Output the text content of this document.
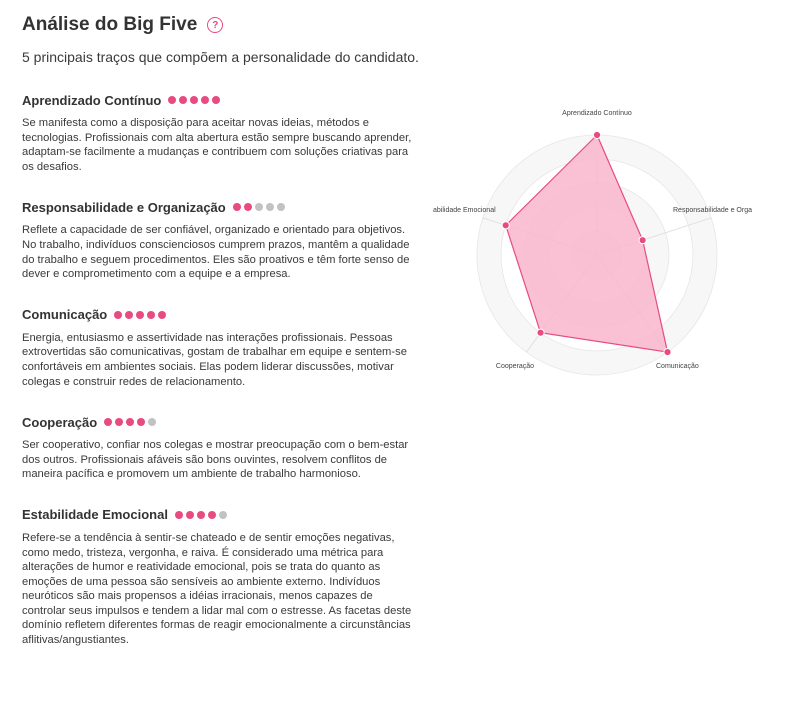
Análise do Big Five	?

5 principais traços que compõem a personalidade do candidato.

Aprendizado Contínuo

Se manifesta como a disposição para aceitar novas ideias, métodos e tecnologias. Profissionais com alta abertura estão sempre buscando aprender, adaptam-se facilmente a mudanças e contribuem com soluções criativas para os desafios.

Responsabilidade e Organização

Reflete a capacidade de ser confiável, organizado e orientado para objetivos. No trabalho, indivíduos conscienciosos cumprem prazos, mantêm a qualidade do trabalho e seguem procedimentos. Eles são proativos e têm forte senso de dever e comprometimento com a equipe e a empresa.

Comunicação

Energia, entusiasmo e assertividade nas interações profissionais. Pessoas extrovertidas são comunicativas, gostam de trabalhar em equipe e sentem-se confortáveis em ambientes sociais. Elas podem liderar discussões, motivar colegas e construir redes de relacionamento.

Cooperação

Ser cooperativo, confiar nos colegas e mostrar preocupação com o bem-estar dos outros. Profissionais afáveis são bons ouvintes, resolvem conflitos de maneira pacífica e promovem um ambiente de trabalho harmonioso.

Estabilidade Emocional

Refere-se a tendência à sentir-se chateado e de sentir emoções negativas, como medo, tristeza, vergonha, e raiva. É considerado uma métrica para alterações de humor e reatividade emocional, pois se trata do quanto as emoções de uma pessoa são sensíveis ao ambiente externo. Indivíduos neuróticos são mais propensos a idéias irracionais, menos capazes de controlar seus impulsos e tendem a lidar mal com o estresse. As facetas deste domínio refletem diferentes formas de reagir emocionalmente a circunstâncias aflitivas/angustiantes.

Aprendizado Contínuo
Responsabilidade e Orga
Comunicação
Cooperação
abilidade Emocional
